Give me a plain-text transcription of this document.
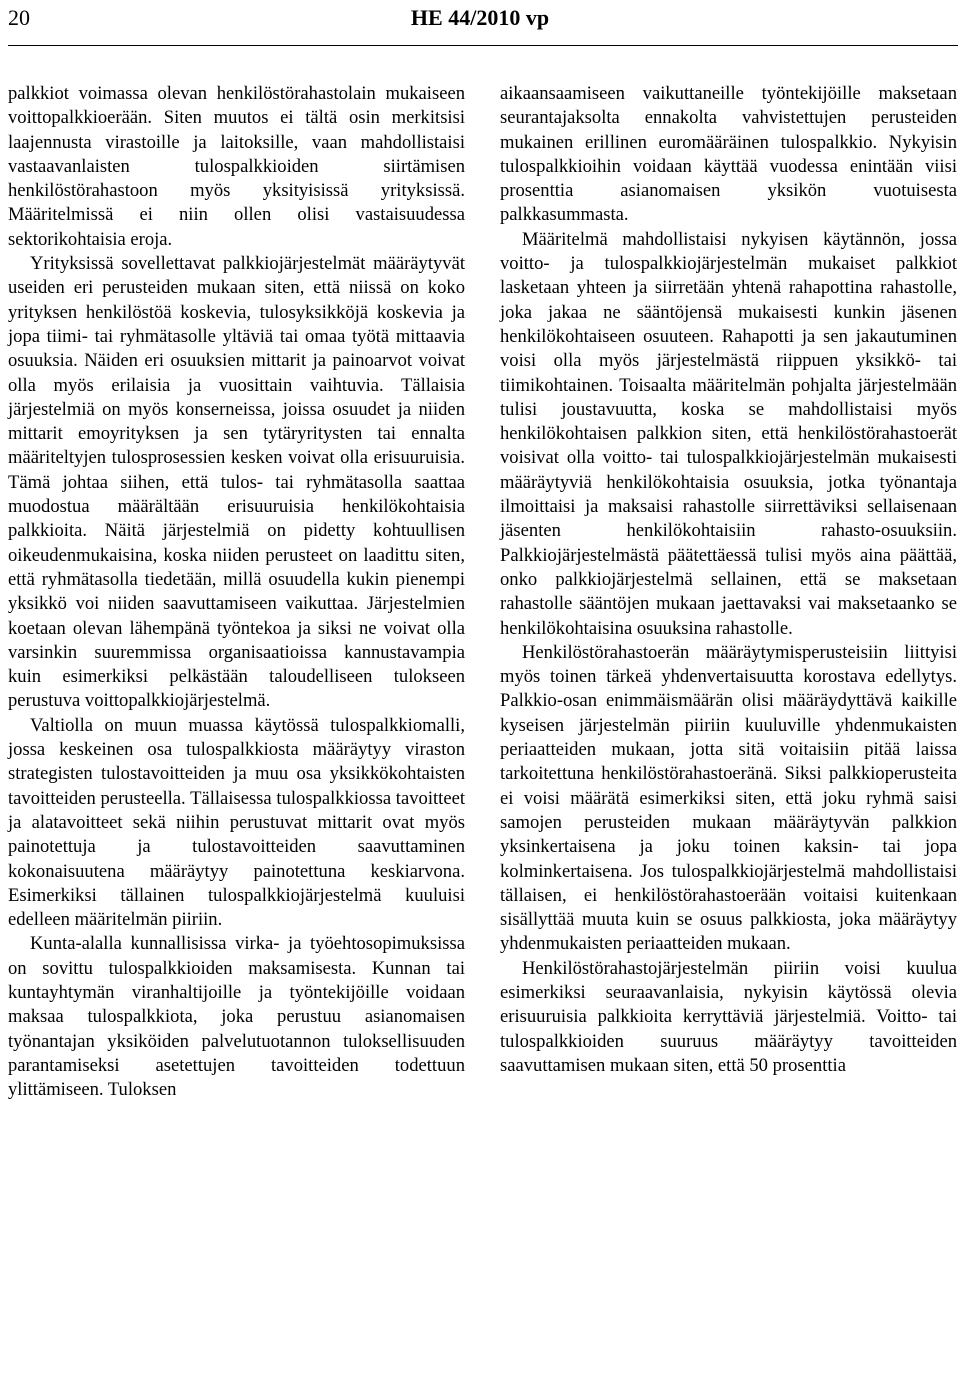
20	HE 44/2010 vp

palkkiot voimassa olevan henkilöstörahastolain mukaiseen voittopalkkioerään. Siten muutos ei tältä osin merkitsisi laajennusta virastoille ja laitoksille, vaan mahdollistaisi vastaavanlaisten tulospalkkioiden siirtämisen henkilöstörahastoon myös yksityisissä yrityksissä. Määritelmissä ei niin ollen olisi vastaisuudessa sektorikohtaisia eroja.

Yrityksissä sovellettavat palkkiojärjestelmät määräytyvät useiden eri perusteiden mukaan siten, että niissä on koko yrityksen henkilöstöä koskevia, tulosyksikköjä koskevia ja jopa tiimi- tai ryhmätasolle yltäviä tai omaa työtä mittaavia osuuksia. Näiden eri osuuksien mittarit ja painoarvot voivat olla myös erilaisia ja vuosittain vaihtuvia. Tällaisia järjestelmiä on myös konserneissa, joissa osuudet ja niiden mittarit emoyrityksen ja sen tytäryritysten tai ennalta määriteltyjen tulosprosessien kesken voivat olla erisuuruisia. Tämä johtaa siihen, että tulos- tai ryhmätasolla saattaa muodostua määrältään erisuuruisia henkilökohtaisia palkkioita. Näitä järjestelmiä on pidetty kohtuullisen oikeudenmukaisina, koska niiden perusteet on laadittu siten, että ryhmätasolla tiedetään, millä osuudella kukin pienempi yksikkö voi niiden saavuttamiseen vaikuttaa. Järjestelmien koetaan olevan lähempänä työntekoa ja siksi ne voivat olla varsinkin suuremmissa organisaatioissa kannustavampia kuin esimerkiksi pelkästään taloudelliseen tulokseen perustuva voittopalkkiojärjestelmä.

Valtiolla on muun muassa käytössä tulospalkkiomalli, jossa keskeinen osa tulospalkkiosta määräytyy viraston strategisten tulostavoitteiden ja muu osa yksikkökohtaisten tavoitteiden perusteella. Tällaisessa tulospalkkiossa tavoitteet ja alatavoitteet sekä niihin perustuvat mittarit ovat myös painotettuja ja tulostavoitteiden saavuttaminen kokonaisuutena määräytyy painotettuna keskiarvona. Esimerkiksi tällainen tulospalkkiojärjestelmä kuuluisi edelleen määritelmän piiriin.

Kunta-alalla kunnallisissa virka- ja työehtosopimuksissa on sovittu tulospalkkioiden maksamisesta. Kunnan tai kuntayhtymän viranhaltijoille ja työntekijöille voidaan maksaa tulospalkkiota, joka perustuu asianomaisen työnantajan yksiköiden palvelutuotannon tuloksellisuuden parantamiseksi asetettujen tavoitteiden todettuun ylittämiseen. Tuloksen

aikaansaamiseen vaikuttaneille työntekijöille maksetaan seurantajaksolta ennakolta vahvistettujen perusteiden mukainen erillinen euromääräinen tulospalkkio. Nykyisin tulospalkkioihin voidaan käyttää vuodessa enintään viisi prosenttia asianomaisen yksikön vuotuisesta palkkasummasta.

Määritelmä mahdollistaisi nykyisen käytännön, jossa voitto- ja tulospalkkiojärjestelmän mukaiset palkkiot lasketaan yhteen ja siirretään yhtenä rahapottina rahastolle, joka jakaa ne sääntöjensä mukaisesti kunkin jäsenen henkilökohtaiseen osuuteen. Rahapotti ja sen jakautuminen voisi olla myös järjestelmästä riippuen yksikkö- tai tiimikohtainen. Toisaalta määritelmän pohjalta järjestelmään tulisi joustavuutta, koska se mahdollistaisi myös henkilökohtaisen palkkion siten, että henkilöstörahastoerät voisivat olla voitto- tai tulospalkkiojärjestelmän mukaisesti määräytyviä henkilökohtaisia osuuksia, jotka työnantaja ilmoittaisi ja maksaisi rahastolle siirrettäviksi sellaisenaan jäsenten henkilökohtaisiin rahasto-osuuksiin. Palkkiojärjestelmästä päätettäessä tulisi myös aina päättää, onko palkkiojärjestelmä sellainen, että se maksetaan rahastolle sääntöjen mukaan jaettavaksi vai maksetaanko se henkilökohtaisina osuuksina rahastolle.

Henkilöstörahastoerän määräytymisperusteisiin liittyisi myös toinen tärkeä yhdenvertaisuutta korostava edellytys. Palkkio-osan enimmäismäärän olisi määräydyttävä kaikille kyseisen järjestelmän piiriin kuuluville yhdenmukaisten periaatteiden mukaan, jotta sitä voitaisiin pitää laissa tarkoitettuna henkilöstörahastoeränä. Siksi palkkioperusteita ei voisi määrätä esimerkiksi siten, että joku ryhmä saisi samojen perusteiden mukaan määräytyvän palkkion yksinkertaisena ja joku toinen kaksin- tai jopa kolminkertaisena. Jos tulospalkkiojärjestelmä mahdollistaisi tällaisen, ei henkilöstörahastoerään voitaisi kuitenkaan sisällyttää muuta kuin se osuus palkkiosta, joka määräytyy yhdenmukaisten periaatteiden mukaan.

Henkilöstörahastojärjestelmän piiriin voisi kuulua esimerkiksi seuraavanlaisia, nykyisin käytössä olevia erisuuruisia palkkioita kerryttäviä järjestelmiä. Voitto- tai tulospalkkioiden suuruus määräytyy tavoitteiden saavuttamisen mukaan siten, että 50 prosenttia
